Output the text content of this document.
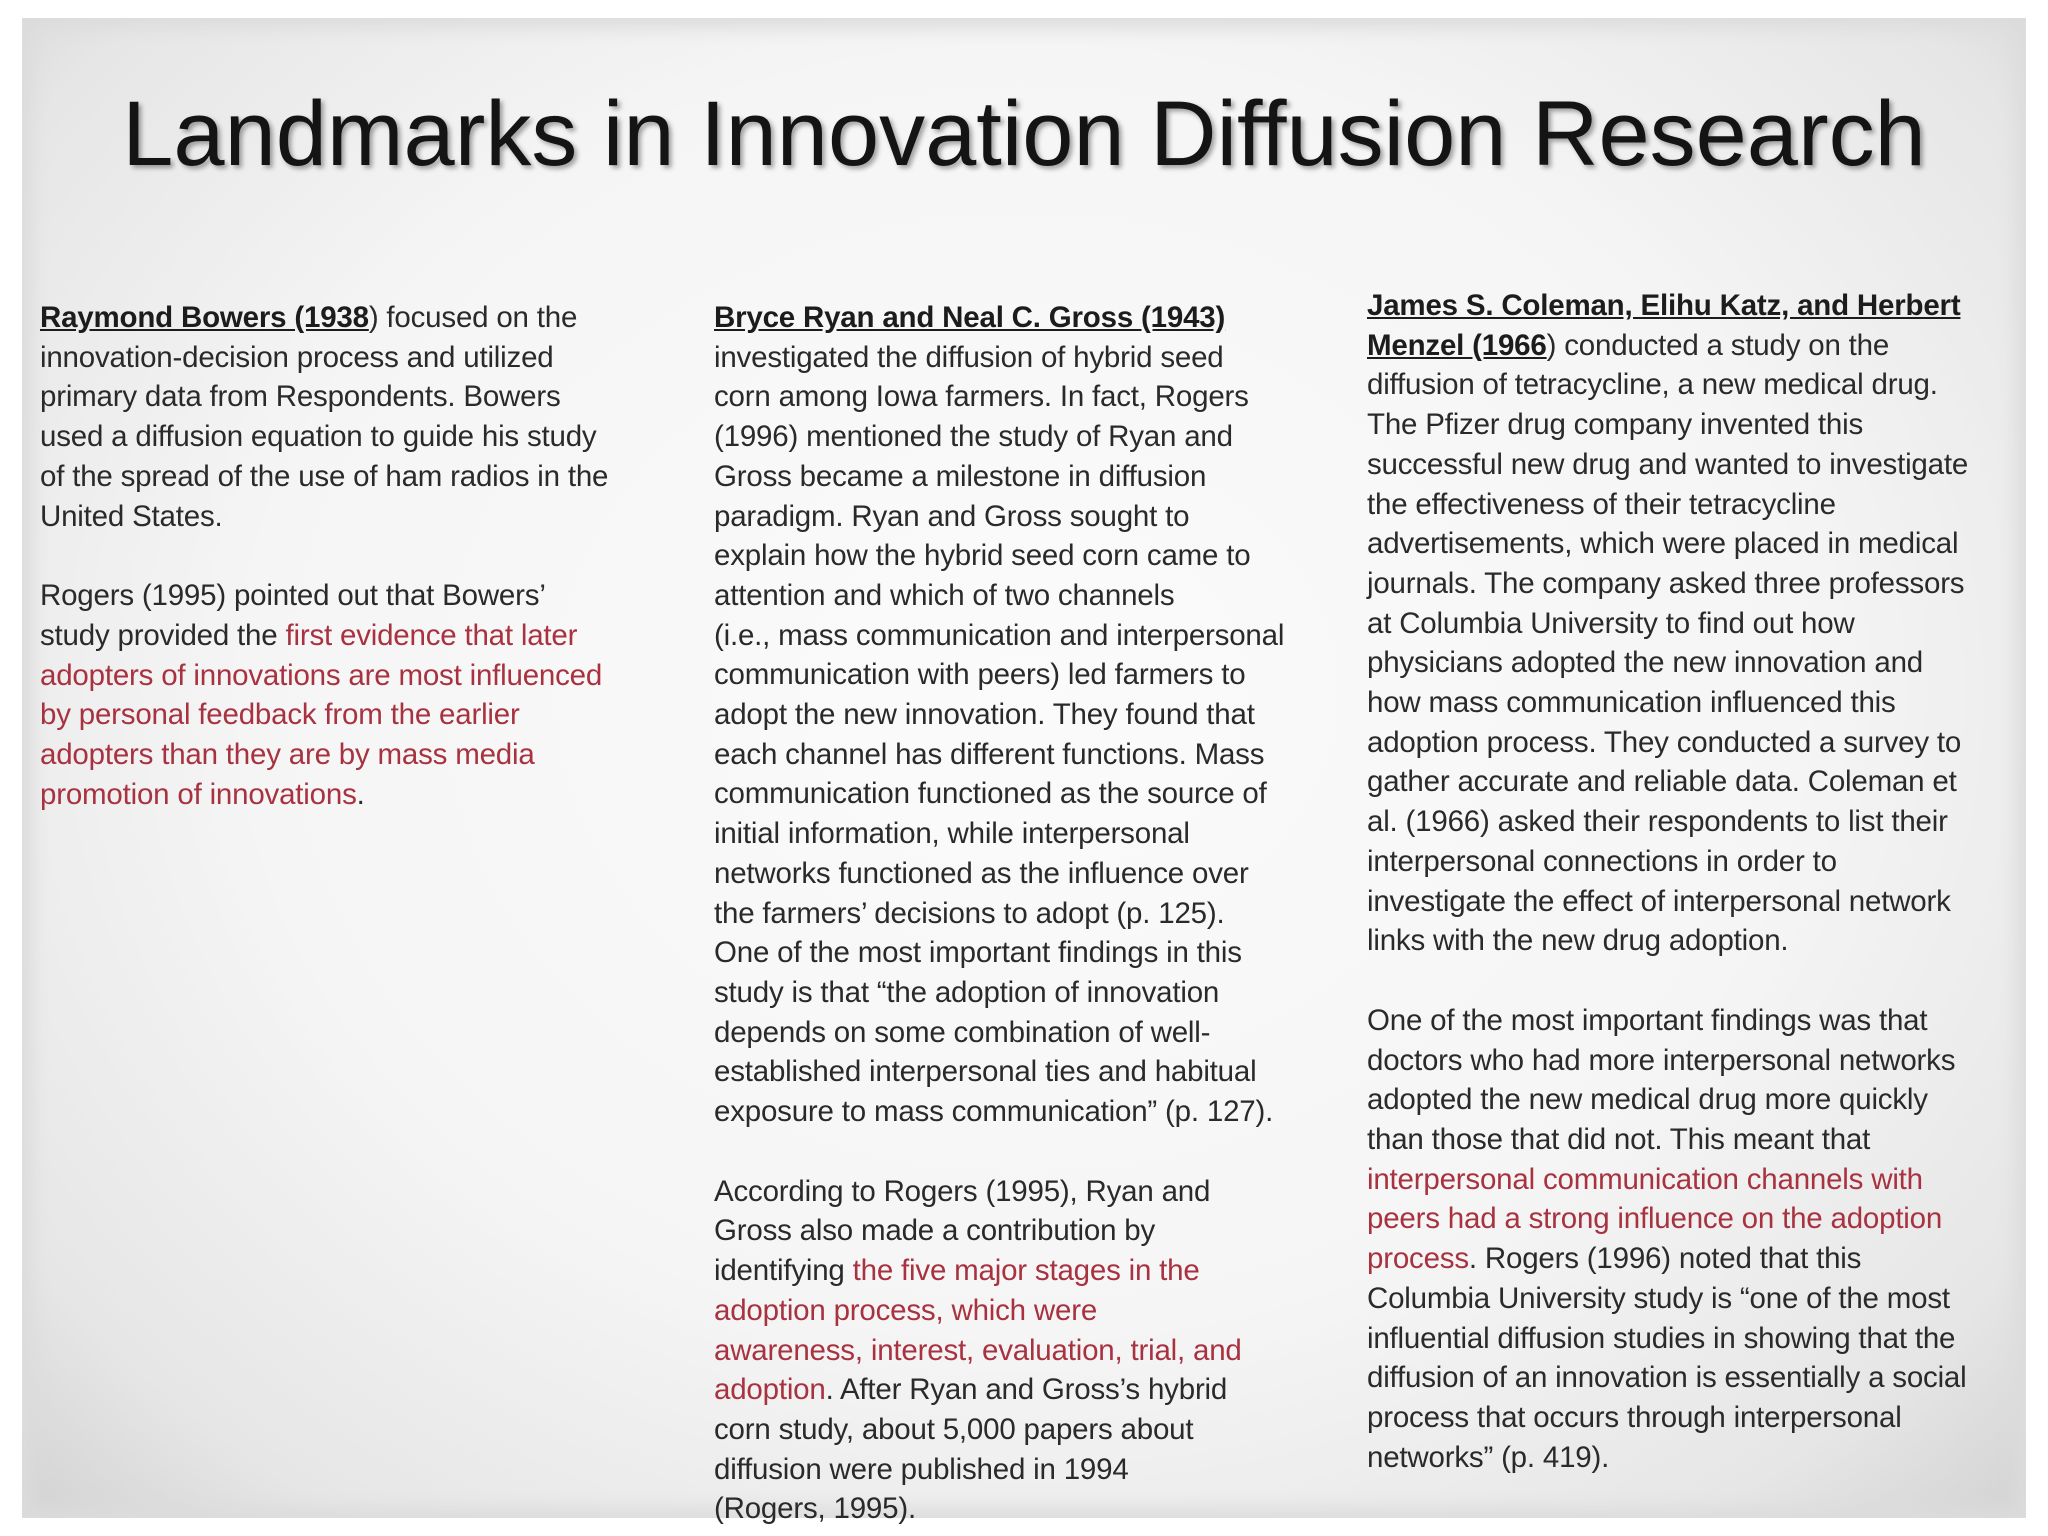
Landmarks in Innovation Diffusion Research

Raymond Bowers (1938) focused on the
innovation-decision process and utilized
primary data from Respondents. Bowers
used a diffusion equation to guide his study
of the spread of the use of ham radios in the
United States.

Rogers (1995) pointed out that Bowers’
study provided the first evidence that later
adopters of innovations are most influenced
by personal feedback from the earlier
adopters than they are by mass media
promotion of innovations.

Bryce Ryan and Neal C. Gross (1943)
investigated the diffusion of hybrid seed
corn among Iowa farmers. In fact, Rogers
(1996) mentioned the study of Ryan and
Gross became a milestone in diffusion
paradigm. Ryan and Gross sought to
explain how the hybrid seed corn came to
attention and which of two channels
(i.e., mass communication and interpersonal
communication with peers) led farmers to
adopt the new innovation. They found that
each channel has different functions. Mass
communication functioned as the source of
initial information, while interpersonal
networks functioned as the influence over
the farmers’ decisions to adopt (p. 125).
One of the most important findings in this
study is that “the adoption of innovation
depends on some combination of well-
established interpersonal ties and habitual
exposure to mass communication” (p. 127).

According to Rogers (1995), Ryan and
Gross also made a contribution by
identifying the five major stages in the
adoption process, which were
awareness, interest, evaluation, trial, and
adoption. After Ryan and Gross’s hybrid
corn study, about 5,000 papers about
diffusion were published in 1994
(Rogers, 1995).

James S. Coleman, Elihu Katz, and Herbert
Menzel (1966) conducted a study on the
diffusion of tetracycline, a new medical drug.
The Pfizer drug company invented this
successful new drug and wanted to investigate
the effectiveness of their tetracycline
advertisements, which were placed in medical
journals. The company asked three professors
at Columbia University to find out how
physicians adopted the new innovation and
how mass communication influenced this
adoption process. They conducted a survey to
gather accurate and reliable data. Coleman et
al. (1966) asked their respondents to list their
interpersonal connections in order to
investigate the effect of interpersonal network
links with the new drug adoption.

One of the most important findings was that
doctors who had more interpersonal networks
adopted the new medical drug more quickly
than those that did not. This meant that
interpersonal communication channels with
peers had a strong influence on the adoption
process. Rogers (1996) noted that this
Columbia University study is “one of the most
influential diffusion studies in showing that the
diffusion of an innovation is essentially a social
process that occurs through interpersonal
networks” (p. 419).
